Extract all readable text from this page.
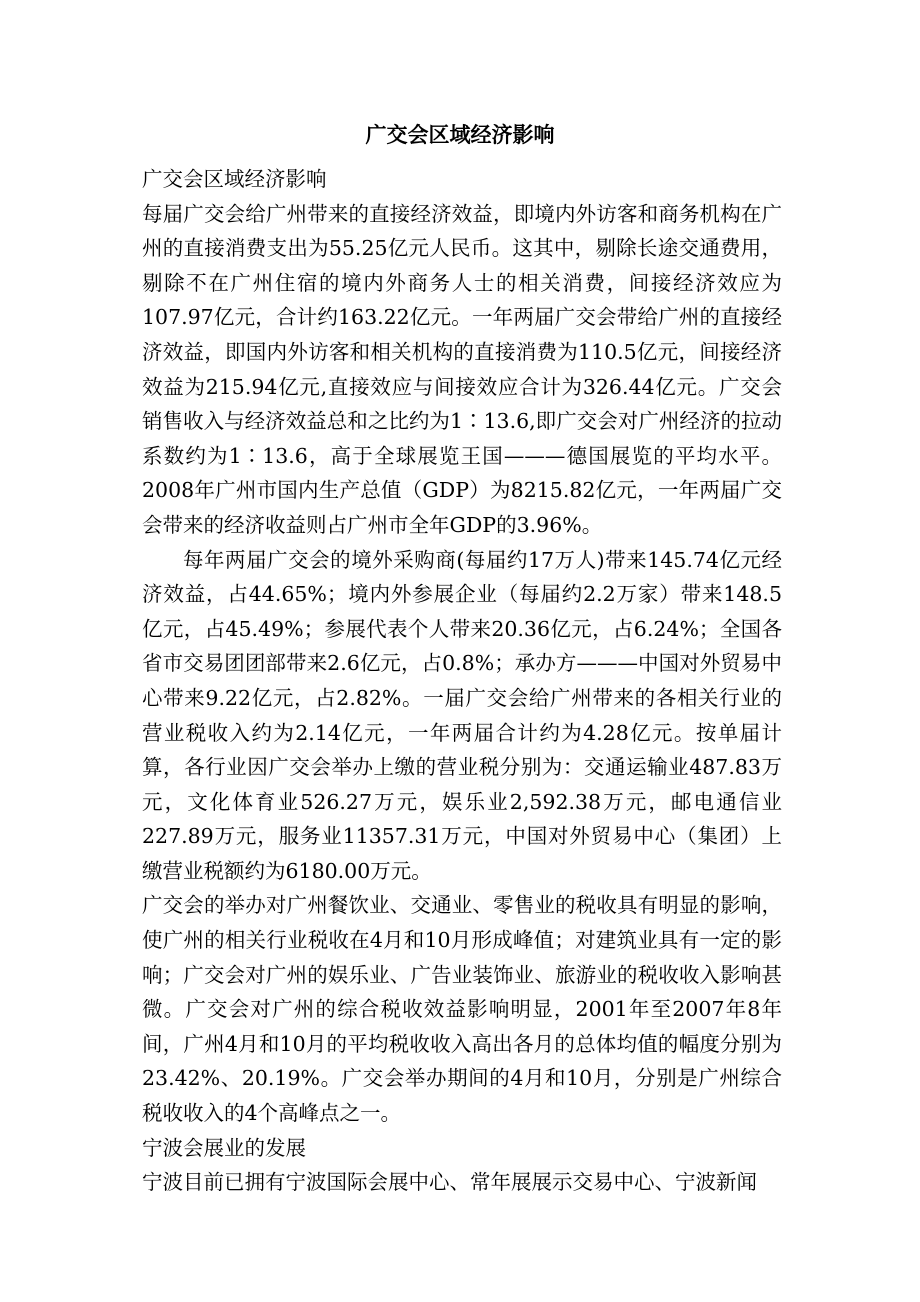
广交会区域经济影响

广交会区域经济影响

每届广交会给广州带来的直接经济效益，即境内外访客和商务机构在广州的直接消费支出为55.25亿元人民币。这其中，剔除长途交通费用，剔除不在广州住宿的境内外商务人士的相关消费，间接经济效应为107.97亿元，合计约163.22亿元。一年两届广交会带给广州的直接经济效益，即国内外访客和相关机构的直接消费为110.5亿元，间接经济效益为215.94亿元,直接效应与间接效应合计为326.44亿元。广交会销售收入与经济效益总和之比约为1∶13.6,即广交会对广州经济的拉动系数约为1∶13.6，高于全球展览王国———德国展览的平均水平。2008年广州市国内生产总值（GDP）为8215.82亿元，一年两届广交会带来的经济收益则占广州市全年GDP的3.96%。

每年两届广交会的境外采购商(每届约17万人)带来145.74亿元经济效益，占44.65%；境内外参展企业（每届约2.2万家）带来148.5亿元，占45.49%；参展代表个人带来20.36亿元，占6.24%；全国各省市交易团团部带来2.6亿元，占0.8%；承办方———中国对外贸易中心带来9.22亿元，占2.82%。一届广交会给广州带来的各相关行业的营业税收入约为2.14亿元，一年两届合计约为4.28亿元。按单届计算，各行业因广交会举办上缴的营业税分别为：交通运输业487.83万元，文化体育业526.27万元，娱乐业2,592.38万元，邮电通信业227.89万元，服务业11357.31万元，中国对外贸易中心（集团）上缴营业税额约为6180.00万元。

广交会的举办对广州餐饮业、交通业、零售业的税收具有明显的影响，使广州的相关行业税收在4月和10月形成峰值；对建筑业具有一定的影响；广交会对广州的娱乐业、广告业装饰业、旅游业的税收收入影响甚微。广交会对广州的综合税收效益影响明显，2001年至2007年8年间，广州4月和10月的平均税收收入高出各月的总体均值的幅度分别为23.42%、20.19%。广交会举办期间的4月和10月，分别是广州综合税收收入的4个高峰点之一。

宁波会展业的发展

宁波目前已拥有宁波国际会展中心、常年展展示交易中心、宁波新闻
